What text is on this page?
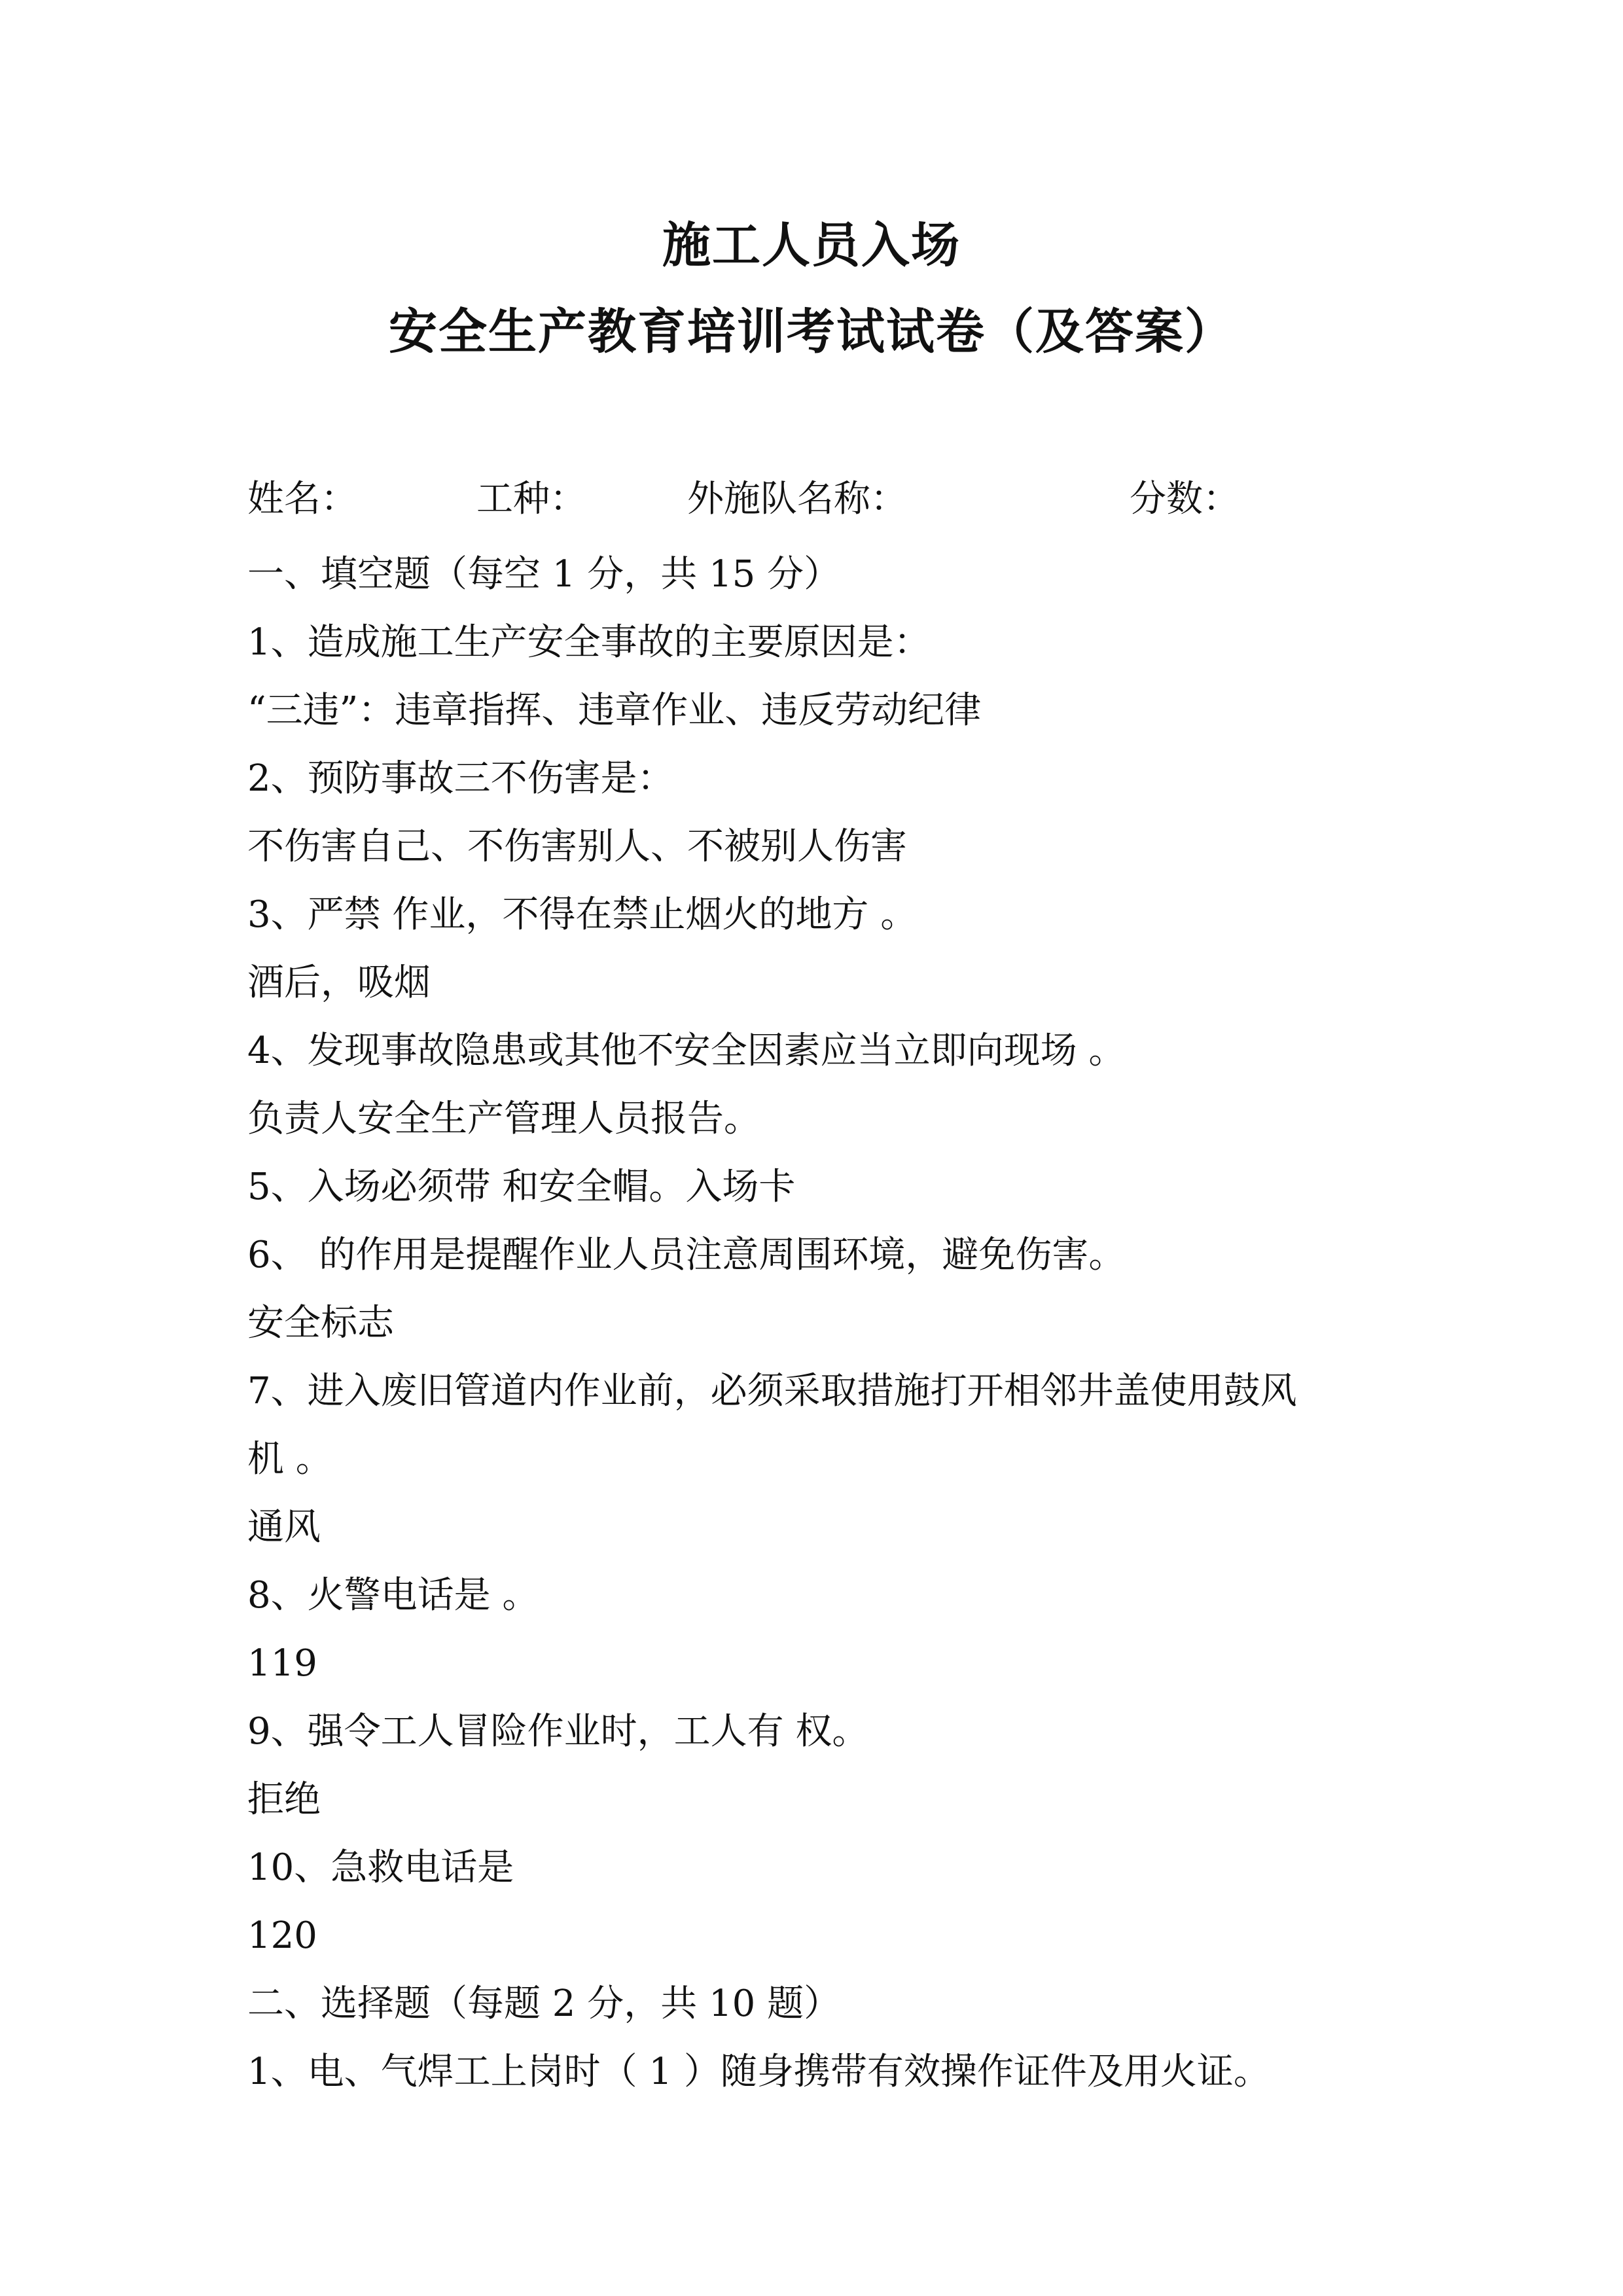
施工人员入场
安全生产教育培训考试试卷（及答案）
姓名：	工种：	外施队名称：	分数：
一、填空题（每空 1 分，共 15 分）
1、造成施工生产安全事故的主要原因是：
“三违”：违章指挥、违章作业、违反劳动纪律
2、预防事故三不伤害是：
不伤害自己、不伤害别人、不被别人伤害
3、严禁 作业，不得在禁止烟火的地方 。
酒后，吸烟
4、发现事故隐患或其他不安全因素应当立即向现场 。
负责人安全生产管理人员报告。
5、入场必须带 和安全帽。入场卡
6、 的作用是提醒作业人员注意周围环境，避免伤害。
安全标志
7、进入废旧管道内作业前，必须采取措施打开相邻井盖使用鼓风
机 。
通风
8、火警电话是 。
119
9、强令工人冒险作业时，工人有 权。
拒绝
10、急救电话是
120
二、选择题（每题 2 分，共 10 题）
1、电、气焊工上岗时（ 1 ）随身携带有效操作证件及用火证。
